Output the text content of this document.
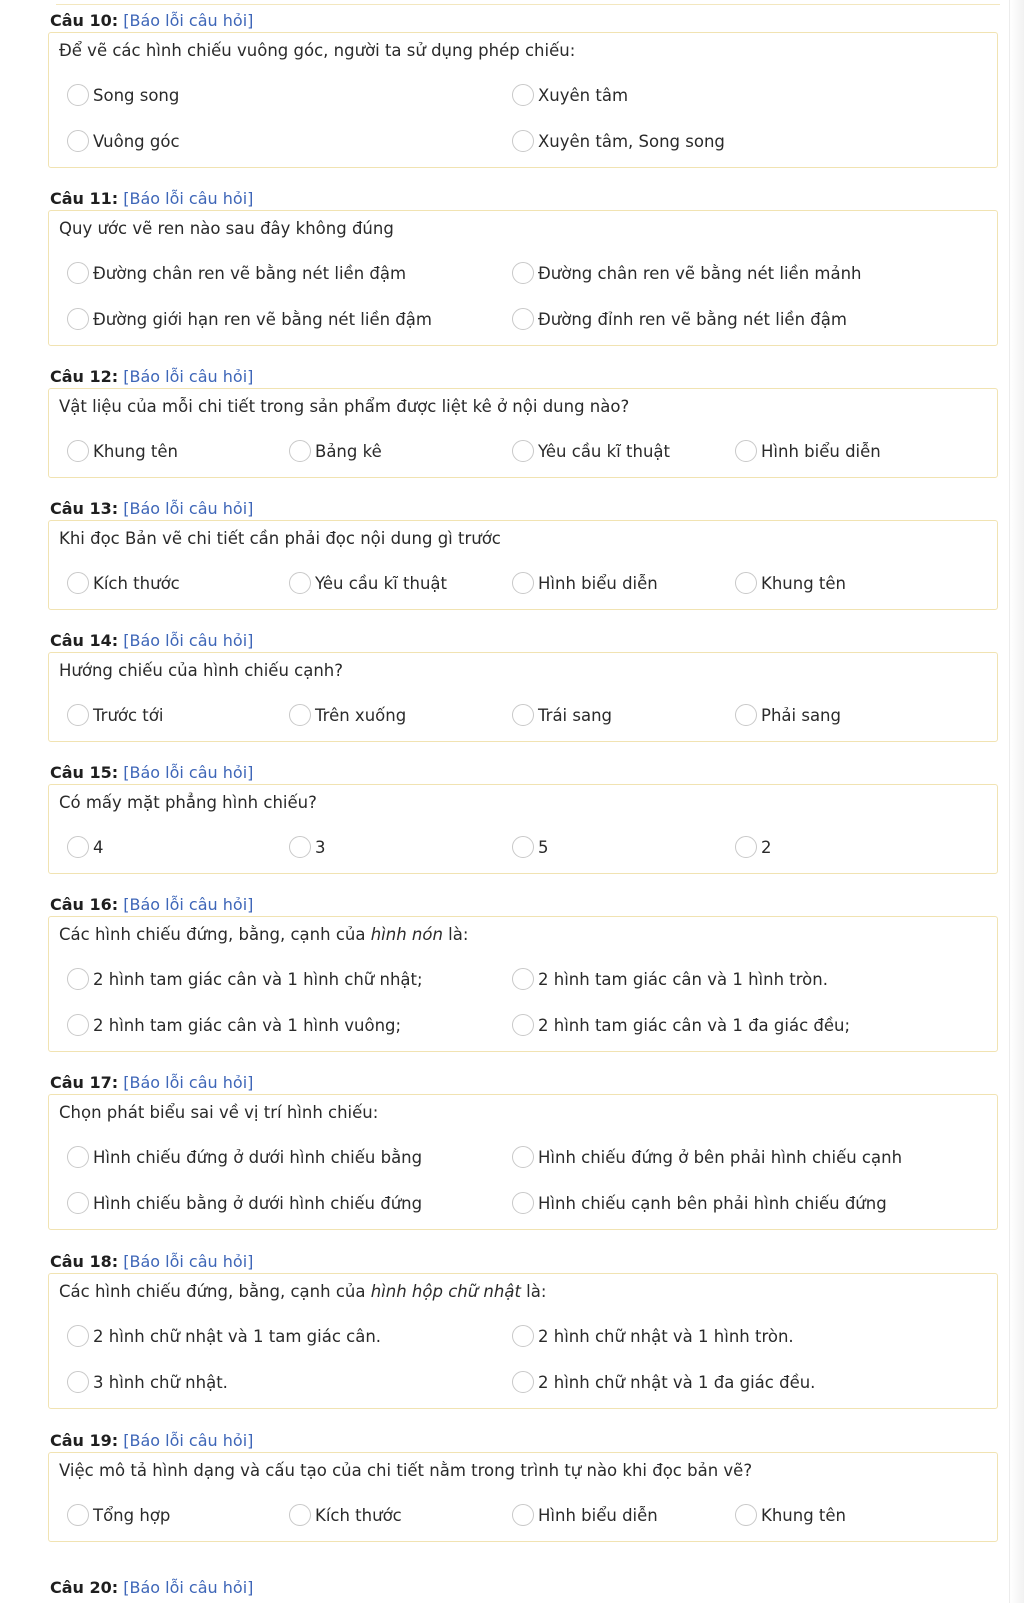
Câu 10: [Báo lỗi câu hỏi]
Để vẽ các hình chiếu vuông góc, người ta sử dụng phép chiếu:
Song song	Xuyên tâm
Vuông góc	Xuyên tâm, Song song
Câu 11: [Báo lỗi câu hỏi]
Quy ước vẽ ren nào sau đây không đúng
Đường chân ren vẽ bằng nét liền đậm	Đường chân ren vẽ bằng nét liền mảnh
Đường giới hạn ren vẽ bằng nét liền đậm	Đường đỉnh ren vẽ bằng nét liền đậm
Câu 12: [Báo lỗi câu hỏi]
Vật liệu của mỗi chi tiết trong sản phẩm được liệt kê ở nội dung nào?
Khung tên	Bảng kê	Yêu cầu kĩ thuật	Hình biểu diễn
Câu 13: [Báo lỗi câu hỏi]
Khi đọc Bản vẽ chi tiết cần phải đọc nội dung gì trước
Kích thước	Yêu cầu kĩ thuật	Hình biểu diễn	Khung tên
Câu 14: [Báo lỗi câu hỏi]
Hướng chiếu của hình chiếu cạnh?
Trước tới	Trên xuống	Trái sang	Phải sang
Câu 15: [Báo lỗi câu hỏi]
Có mấy mặt phẳng hình chiếu?
4	3	5	2
Câu 16: [Báo lỗi câu hỏi]
Các hình chiếu đứng, bằng, cạnh của hình nón là:
2 hình tam giác cân và 1 hình chữ nhật;	2 hình tam giác cân và 1 hình tròn.
2 hình tam giác cân và 1 hình vuông;	2 hình tam giác cân và 1 đa giác đều;
Câu 17: [Báo lỗi câu hỏi]
Chọn phát biểu sai về vị trí hình chiếu:
Hình chiếu đứng ở dưới hình chiếu bằng	Hình chiếu đứng ở bên phải hình chiếu cạnh
Hình chiếu bằng ở dưới hình chiếu đứng	Hình chiếu cạnh bên phải hình chiếu đứng
Câu 18: [Báo lỗi câu hỏi]
Các hình chiếu đứng, bằng, cạnh của hình hộp chữ nhật là:
2 hình chữ nhật và 1 tam giác cân.	2 hình chữ nhật và 1 hình tròn.
3 hình chữ nhật.	2 hình chữ nhật và 1 đa giác đều.
Câu 19: [Báo lỗi câu hỏi]
Việc mô tả hình dạng và cấu tạo của chi tiết nằm trong trình tự nào khi đọc bản vẽ?
Tổng hợp	Kích thước	Hình biểu diễn	Khung tên
Câu 20: [Báo lỗi câu hỏi]
